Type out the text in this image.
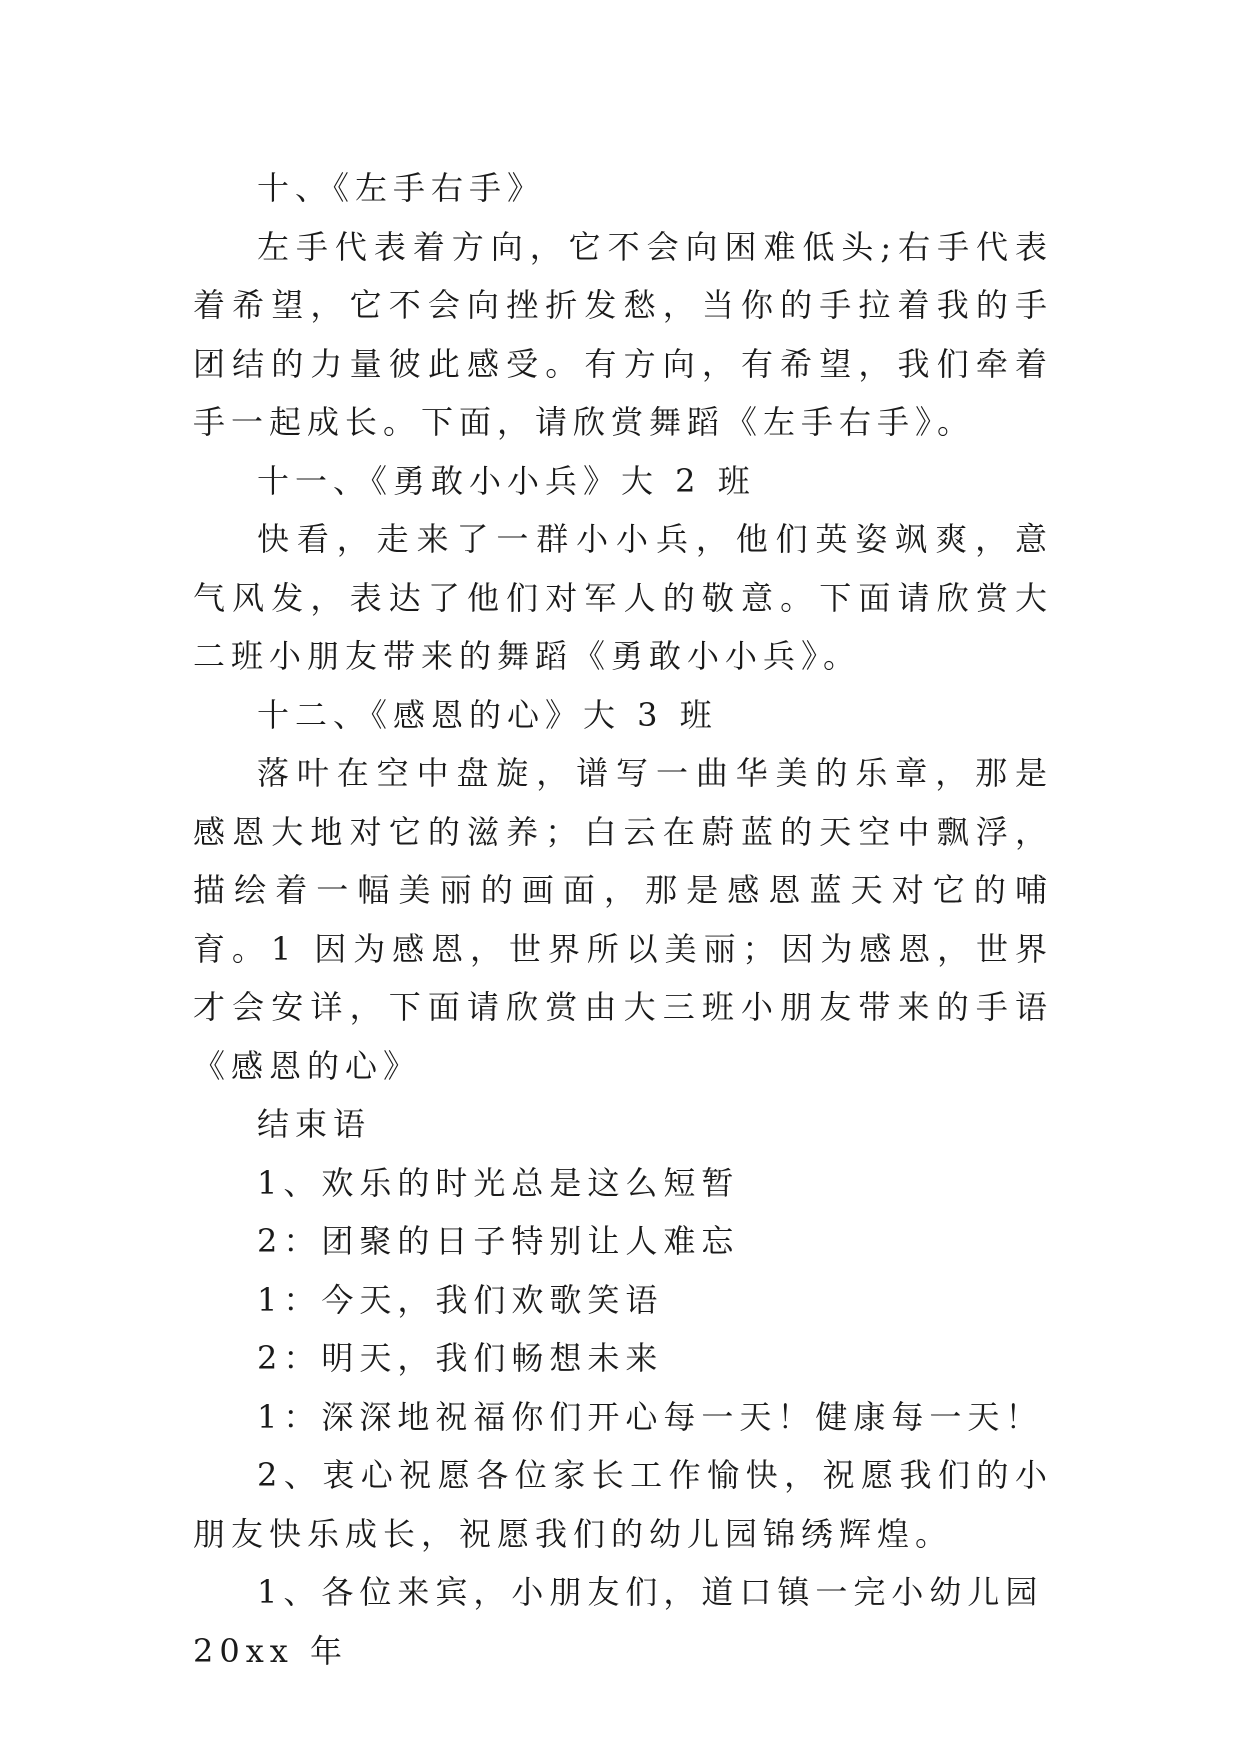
十、《左手右手》

左手代表着方向，它不会向困难低头;右手代表着希望，它不会向挫折发愁，当你的手拉着我的手团结的力量彼此感受。有方向，有希望，我们牵着手一起成长。下面，请欣赏舞蹈《左手右手》。

十一、《勇敢小小兵》大 2 班

快看，走来了一群小小兵，他们英姿飒爽，意气风发，表达了他们对军人的敬意。下面请欣赏大二班小朋友带来的舞蹈《勇敢小小兵》。

十二、《感恩的心》大 3 班

落叶在空中盘旋，谱写一曲华美的乐章，那是感恩大地对它的滋养；白云在蔚蓝的天空中飘浮，描绘着一幅美丽的画面，那是感恩蓝天对它的哺育。1 因为感恩，世界所以美丽；因为感恩，世界才会安详，下面请欣赏由大三班小朋友带来的手语《感恩的心》

结束语

1、欢乐的时光总是这么短暂

2：团聚的日子特别让人难忘

1：今天，我们欢歌笑语

2：明天，我们畅想未来

1：深深地祝福你们开心每一天！健康每一天！

2、衷心祝愿各位家长工作愉快，祝愿我们的小朋友快乐成长，祝愿我们的幼儿园锦绣辉煌。

1、各位来宾，小朋友们，道口镇一完小幼儿园 20xx 年
